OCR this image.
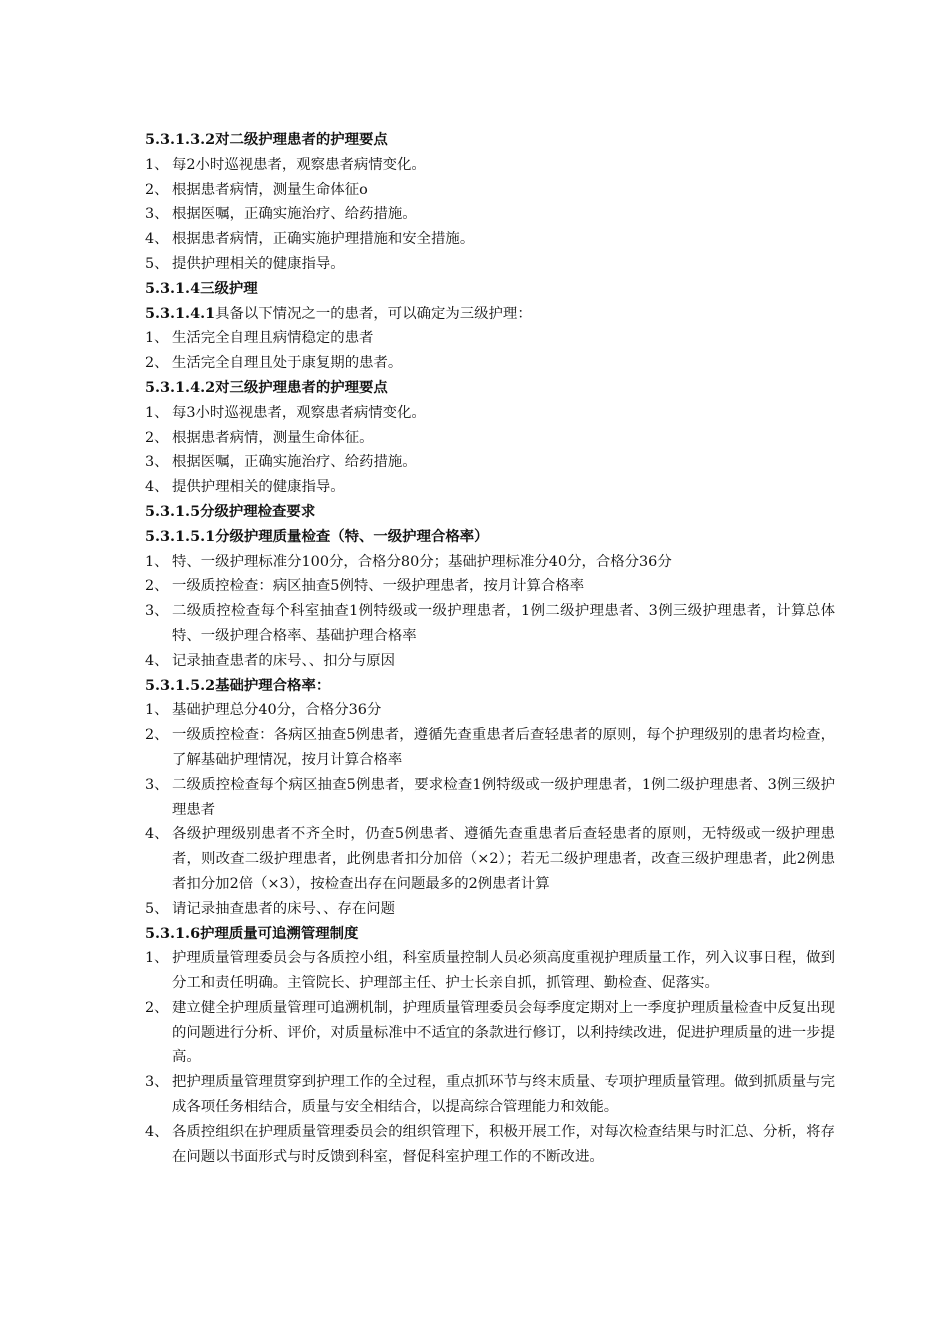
5.3.1.3.2对二级护理患者的护理要点
1、 每2小时巡视患者，观察患者病情变化。
2、 根据患者病情，测量生命体征o
3、 根据医嘱，正确实施治疗、给药措施。
4、 根据患者病情，正确实施护理措施和安全措施。
5、 提供护理相关的健康指导。
5.3.1.4三级护理
5.3.1.4.1具备以下情况之一的患者，可以确定为三级护理：
1、 生活完全自理且病情稳定的患者
2、 生活完全自理且处于康复期的患者。
5.3.1.4.2对三级护理患者的护理要点
1、 每3小时巡视患者，观察患者病情变化。
2、 根据患者病情，测量生命体征。
3、 根据医嘱，正确实施治疗、给药措施。
4、 提供护理相关的健康指导。
5.3.1.5分级护理检查要求
5.3.1.5.1分级护理质量检查（特、一级护理合格率）
1、 特、一级护理标准分100分，合格分80分；基础护理标准分40分，合格分36分
2、 一级质控检查：病区抽查5例特、一级护理患者，按月计算合格率
3、 二级质控检查每个科室抽查1例特级或一级护理患者，1例二级护理患者、3例三级护理患者，计算总体特、一级护理合格率、基础护理合格率
4、 记录抽查患者的床号、、扣分与原因
5.3.1.5.2基础护理合格率：
1、 基础护理总分40分，合格分36分
2、 一级质控检查：各病区抽查5例患者，遵循先查重患者后查轻患者的原则，每个护理级别的患者均检查，了解基础护理情况，按月计算合格率
3、 二级质控检查每个病区抽查5例患者，要求检查1例特级或一级护理患者，1例二级护理患者、3例三级护理患者
4、 各级护理级别患者不齐全时，仍查5例患者、遵循先查重患者后查轻患者的原则，无特级或一级护理患者，则改查二级护理患者，此例患者扣分加倍（×2）；若无二级护理患者，改查三级护理患者，此2例患者扣分加2倍（×3），按检查出存在问题最多的2例患者计算
5、 请记录抽查患者的床号、、存在问题
5.3.1.6护理质量可追溯管理制度
1、 护理质量管理委员会与各质控小组，科室质量控制人员必须高度重视护理质量工作，列入议事日程，做到分工和责任明确。主管院长、护理部主任、护士长亲自抓，抓管理、勤检查、促落实。
2、 建立健全护理质量管理可追溯机制，护理质量管理委员会每季度定期对上一季度护理质量检查中反复出现的问题进行分析、评价，对质量标准中不适宜的条款进行修订，以利持续改进，促进护理质量的进一步提高。
3、 把护理质量管理贯穿到护理工作的全过程，重点抓环节与终末质量、专项护理质量管理。做到抓质量与完成各项任务相结合，质量与安全相结合，以提高综合管理能力和效能。
4、 各质控组织在护理质量管理委员会的组织管理下，积极开展工作，对每次检查结果与时汇总、分析，将存在问题以书面形式与时反馈到科室，督促科室护理工作的不断改进。
